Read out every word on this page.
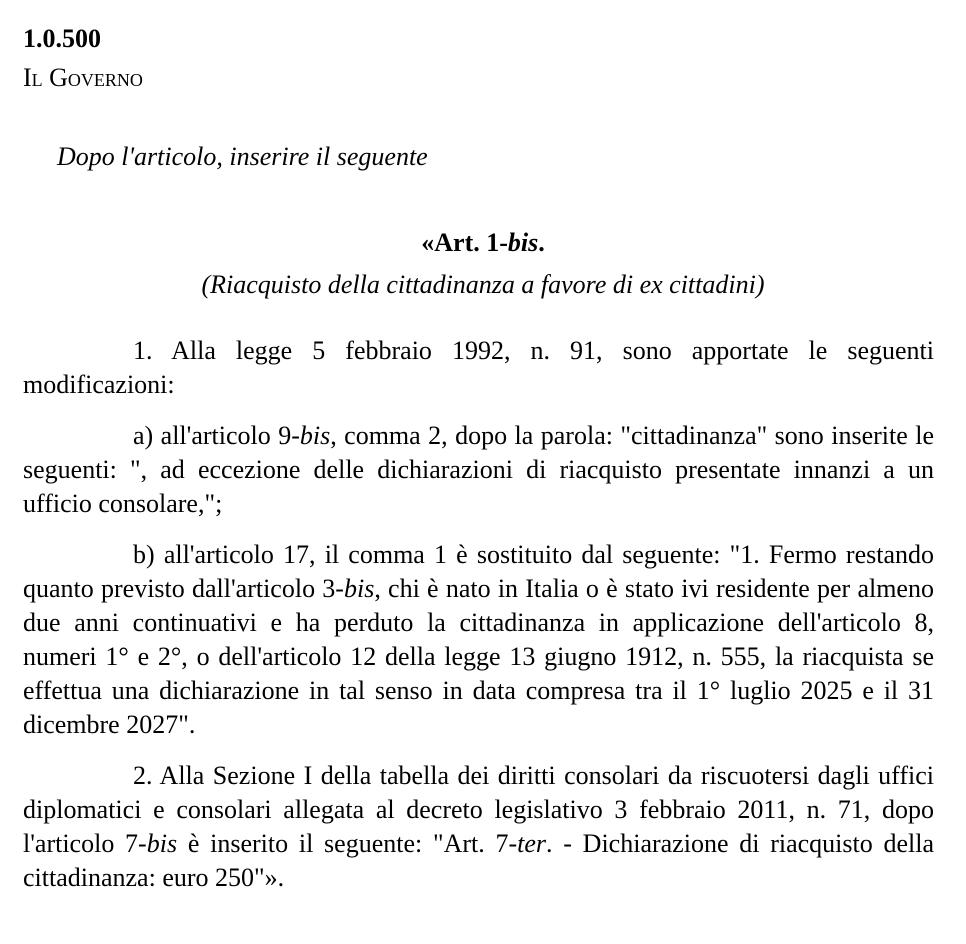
1.0.500

Il Governo

Dopo l'articolo, inserire il seguente

«Art. 1-bis.

(Riacquisto della cittadinanza a favore di ex cittadini)

1. Alla legge 5 febbraio 1992, n. 91, sono apportate le seguenti modificazioni:

a) all'articolo 9-bis, comma 2, dopo la parola: "cittadinanza" sono inserite le seguenti: ", ad eccezione delle dichiarazioni di riacquisto presentate innanzi a un ufficio consolare,";

b) all'articolo 17, il comma 1 è sostituito dal seguente: "1. Fermo restando quanto previsto dall'articolo 3-bis, chi è nato in Italia o è stato ivi residente per almeno due anni continuativi e ha perduto la cittadinanza in applicazione dell'articolo 8, numeri 1° e 2°, o dell'articolo 12 della legge 13 giugno 1912, n. 555, la riacquista se effettua una dichiarazione in tal senso in data compresa tra il 1° luglio 2025 e il 31 dicembre 2027".

2. Alla Sezione I della tabella dei diritti consolari da riscuotersi dagli uffici diplomatici e consolari allegata al decreto legislativo 3 febbraio 2011, n. 71, dopo l'articolo 7-bis è inserito il seguente: "Art. 7-ter. - Dichiarazione di riacquisto della cittadinanza: euro 250"».
